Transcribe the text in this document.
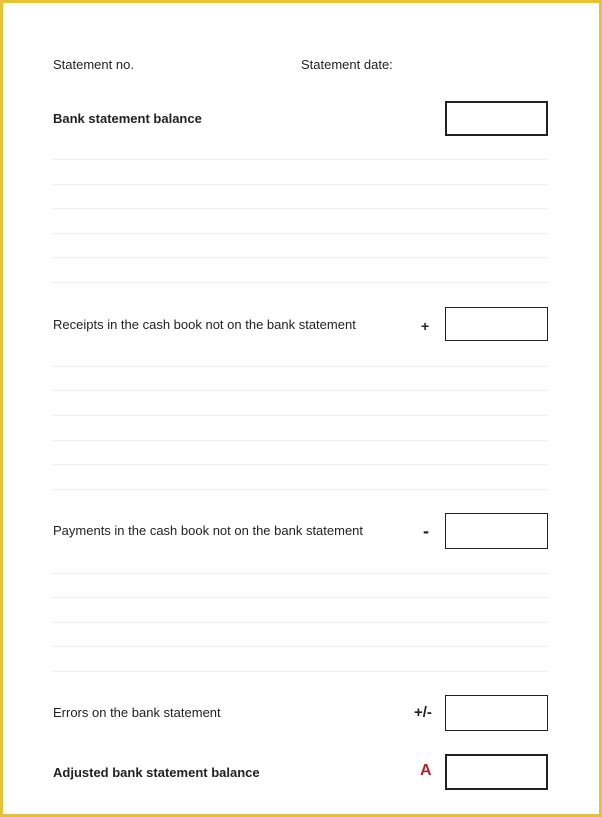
Statement no.	Statement date:
Bank statement balance
Receipts in the cash book not on the bank statement	+
Payments in the cash book not on the bank statement	-
Errors on the bank statement	+/-
Adjusted bank statement balance	A
